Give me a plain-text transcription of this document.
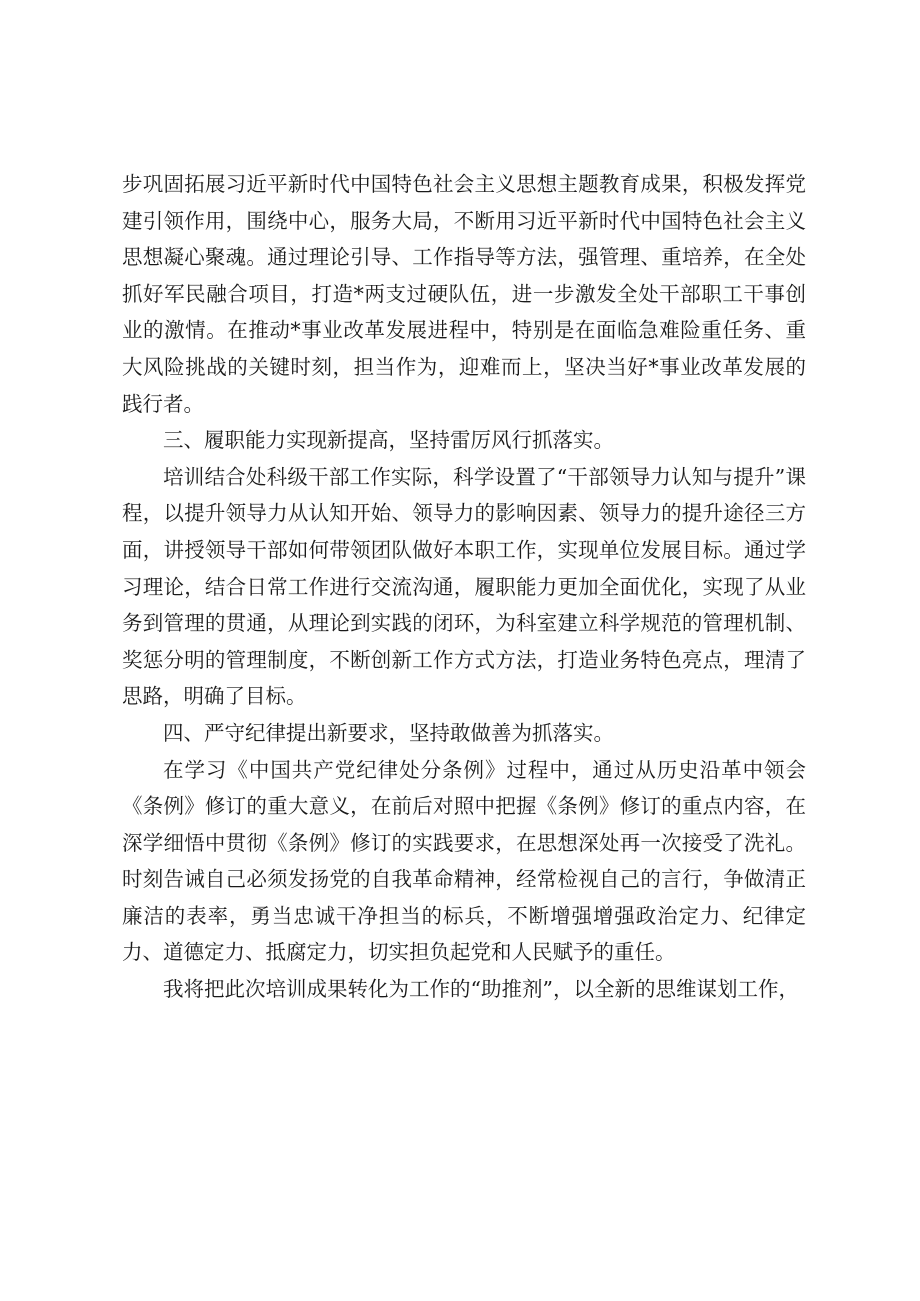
步巩固拓展习近平新时代中国特色社会主义思想主题教育成果，积极发挥党建引领作用，围绕中心，服务大局，不断用习近平新时代中国特色社会主义思想凝心聚魂。通过理论引导、工作指导等方法，强管理、重培养，在全处抓好军民融合项目，打造*两支过硬队伍，进一步激发全处干部职工干事创业的激情。在推动*事业改革发展进程中，特别是在面临急难险重任务、重大风险挑战的关键时刻，担当作为，迎难而上，坚决当好*事业改革发展的践行者。

三、履职能力实现新提高，坚持雷厉风行抓落实。

培训结合处科级干部工作实际，科学设置了“干部领导力认知与提升”课程，以提升领导力从认知开始、领导力的影响因素、领导力的提升途径三方面，讲授领导干部如何带领团队做好本职工作，实现单位发展目标。通过学习理论，结合日常工作进行交流沟通，履职能力更加全面优化，实现了从业务到管理的贯通，从理论到实践的闭环，为科室建立科学规范的管理机制、奖惩分明的管理制度，不断创新工作方式方法，打造业务特色亮点，理清了思路，明确了目标。

四、严守纪律提出新要求，坚持敢做善为抓落实。

在学习《中国共产党纪律处分条例》过程中，通过从历史沿革中领会《条例》修订的重大意义，在前后对照中把握《条例》修订的重点内容，在深学细悟中贯彻《条例》修订的实践要求，在思想深处再一次接受了洗礼。时刻告诫自己必须发扬党的自我革命精神，经常检视自己的言行，争做清正廉洁的表率，勇当忠诚干净担当的标兵，不断增强增强政治定力、纪律定力、道德定力、抵腐定力，切实担负起党和人民赋予的重任。

我将把此次培训成果转化为工作的“助推剂”，以全新的思维谋划工作，
